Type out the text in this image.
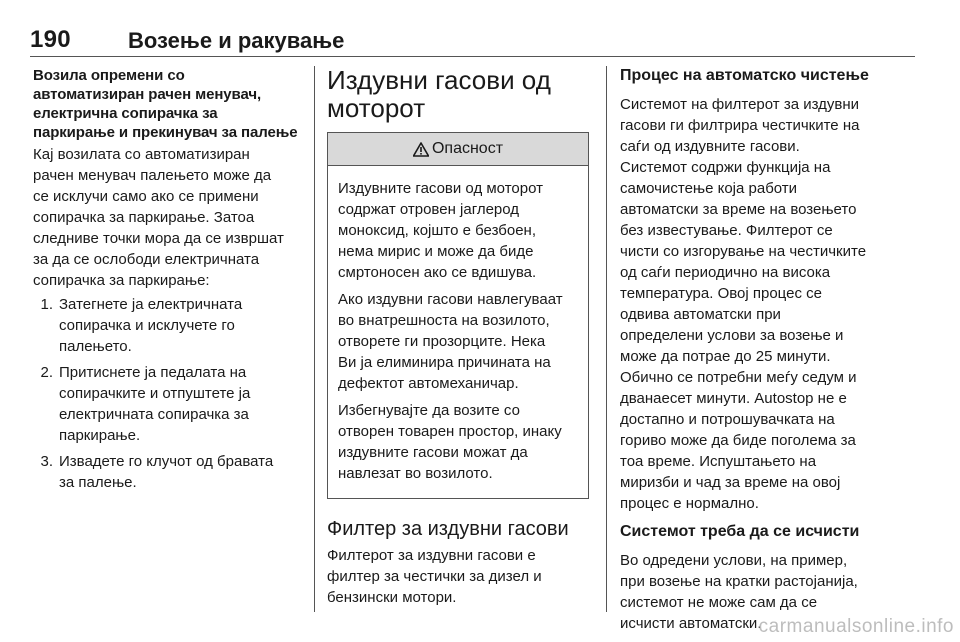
190	Возење и ракување
Возила опремени со
автоматизиран рачен менувач,
електрична сопирачка за
паркирање и прекинувач за палење

Кај возилата со автоматизиран
рачен менувач палењето може да
се исклучи само ако се примени
сопирачка за паркирање. Затоа
следниве точки мора да се извршат
за да се ослободи електричната
сопирачка за паркирање:

1. Затегнете ја електричната
сопирачка и исклучете го
палењето.
2. Притиснете ја педалата на
сопирачките и отпуштете ја
електричната сопирачка за
паркирање.
3. Извадете го клучот од бравата
за палење.
Издувни гасови од
моторот
Опасност

Издувните гасови од моторот
содржат отровен јаглерод
моноксид, којшто е безбоен,
нема мирис и може да биде
смртоносен ако се вдишува.

Ако издувни гасови навлегуваат
во внатрешноста на возилото,
отворете ги прозорците. Нека
Ви ја елиминира причината на
дефектот автомеханичар.

Избегнувајте да возите со
отворен товарен простор, инаку
издувните гасови можат да
навлезат во возилото.

Филтер за издувни гасови

Филтерот за издувни гасови е
филтер за честички за дизел и
бензински мотори.

Процес на автоматско чистење

Системот на филтерот за издувни
гасови ги филтрира честичките на
саѓи од издувните гасови.
Системот содржи функција на
самочистење која работи
автоматски за време на возењето
без известување. Филтерот се
чисти со изгорување на честичките
од саѓи периодично на висока
температура. Овој процес се
одвива автоматски при
определени услови за возење и
може да потрае до 25 минути.
Обично се потребни меѓу седум и
дванаесет минути. Autostop не е
достапно и потрошувачката на
гориво може да биде поголема за
тоа време. Испуштањето на
миризби и чад за време на овој
процес е нормално.

Системот треба да се исчисти

Во одредени услови, на пример,
при возење на кратки растојанија,
системот не може сам да се
исчисти автоматски.

carmanualsonline.info
